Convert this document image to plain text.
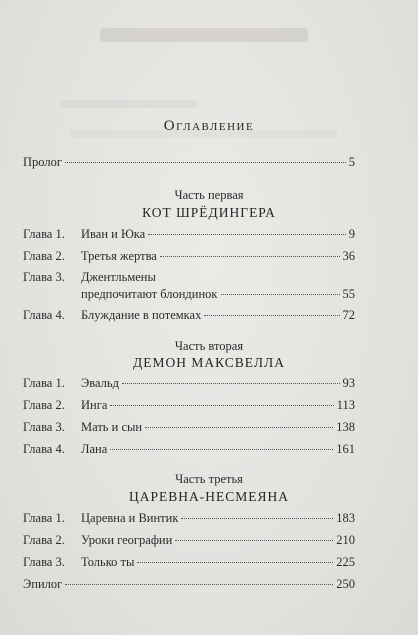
Оглавление
Пролог	5
Часть первая
КОТ ШРЁДИНГЕРА
Глава 1.	Иван и Юка	9
Глава 2.	Третья жертва	36
Глава 3.	Джентльмены
предпочитают блондинок	55
Глава 4.	Блуждание в потемках	72
Часть вторая
ДЕМОН МАКСВЕЛЛА
Глава 1.	Эвальд	93
Глава 2.	Инга	113
Глава 3.	Мать и сын	138
Глава 4.	Лана	161
Часть третья
ЦАРЕВНА-НЕСМЕЯНА
Глава 1.	Царевна и Винтик	183
Глава 2.	Уроки географии	210
Глава 3.	Только ты	225
Эпилог	250
